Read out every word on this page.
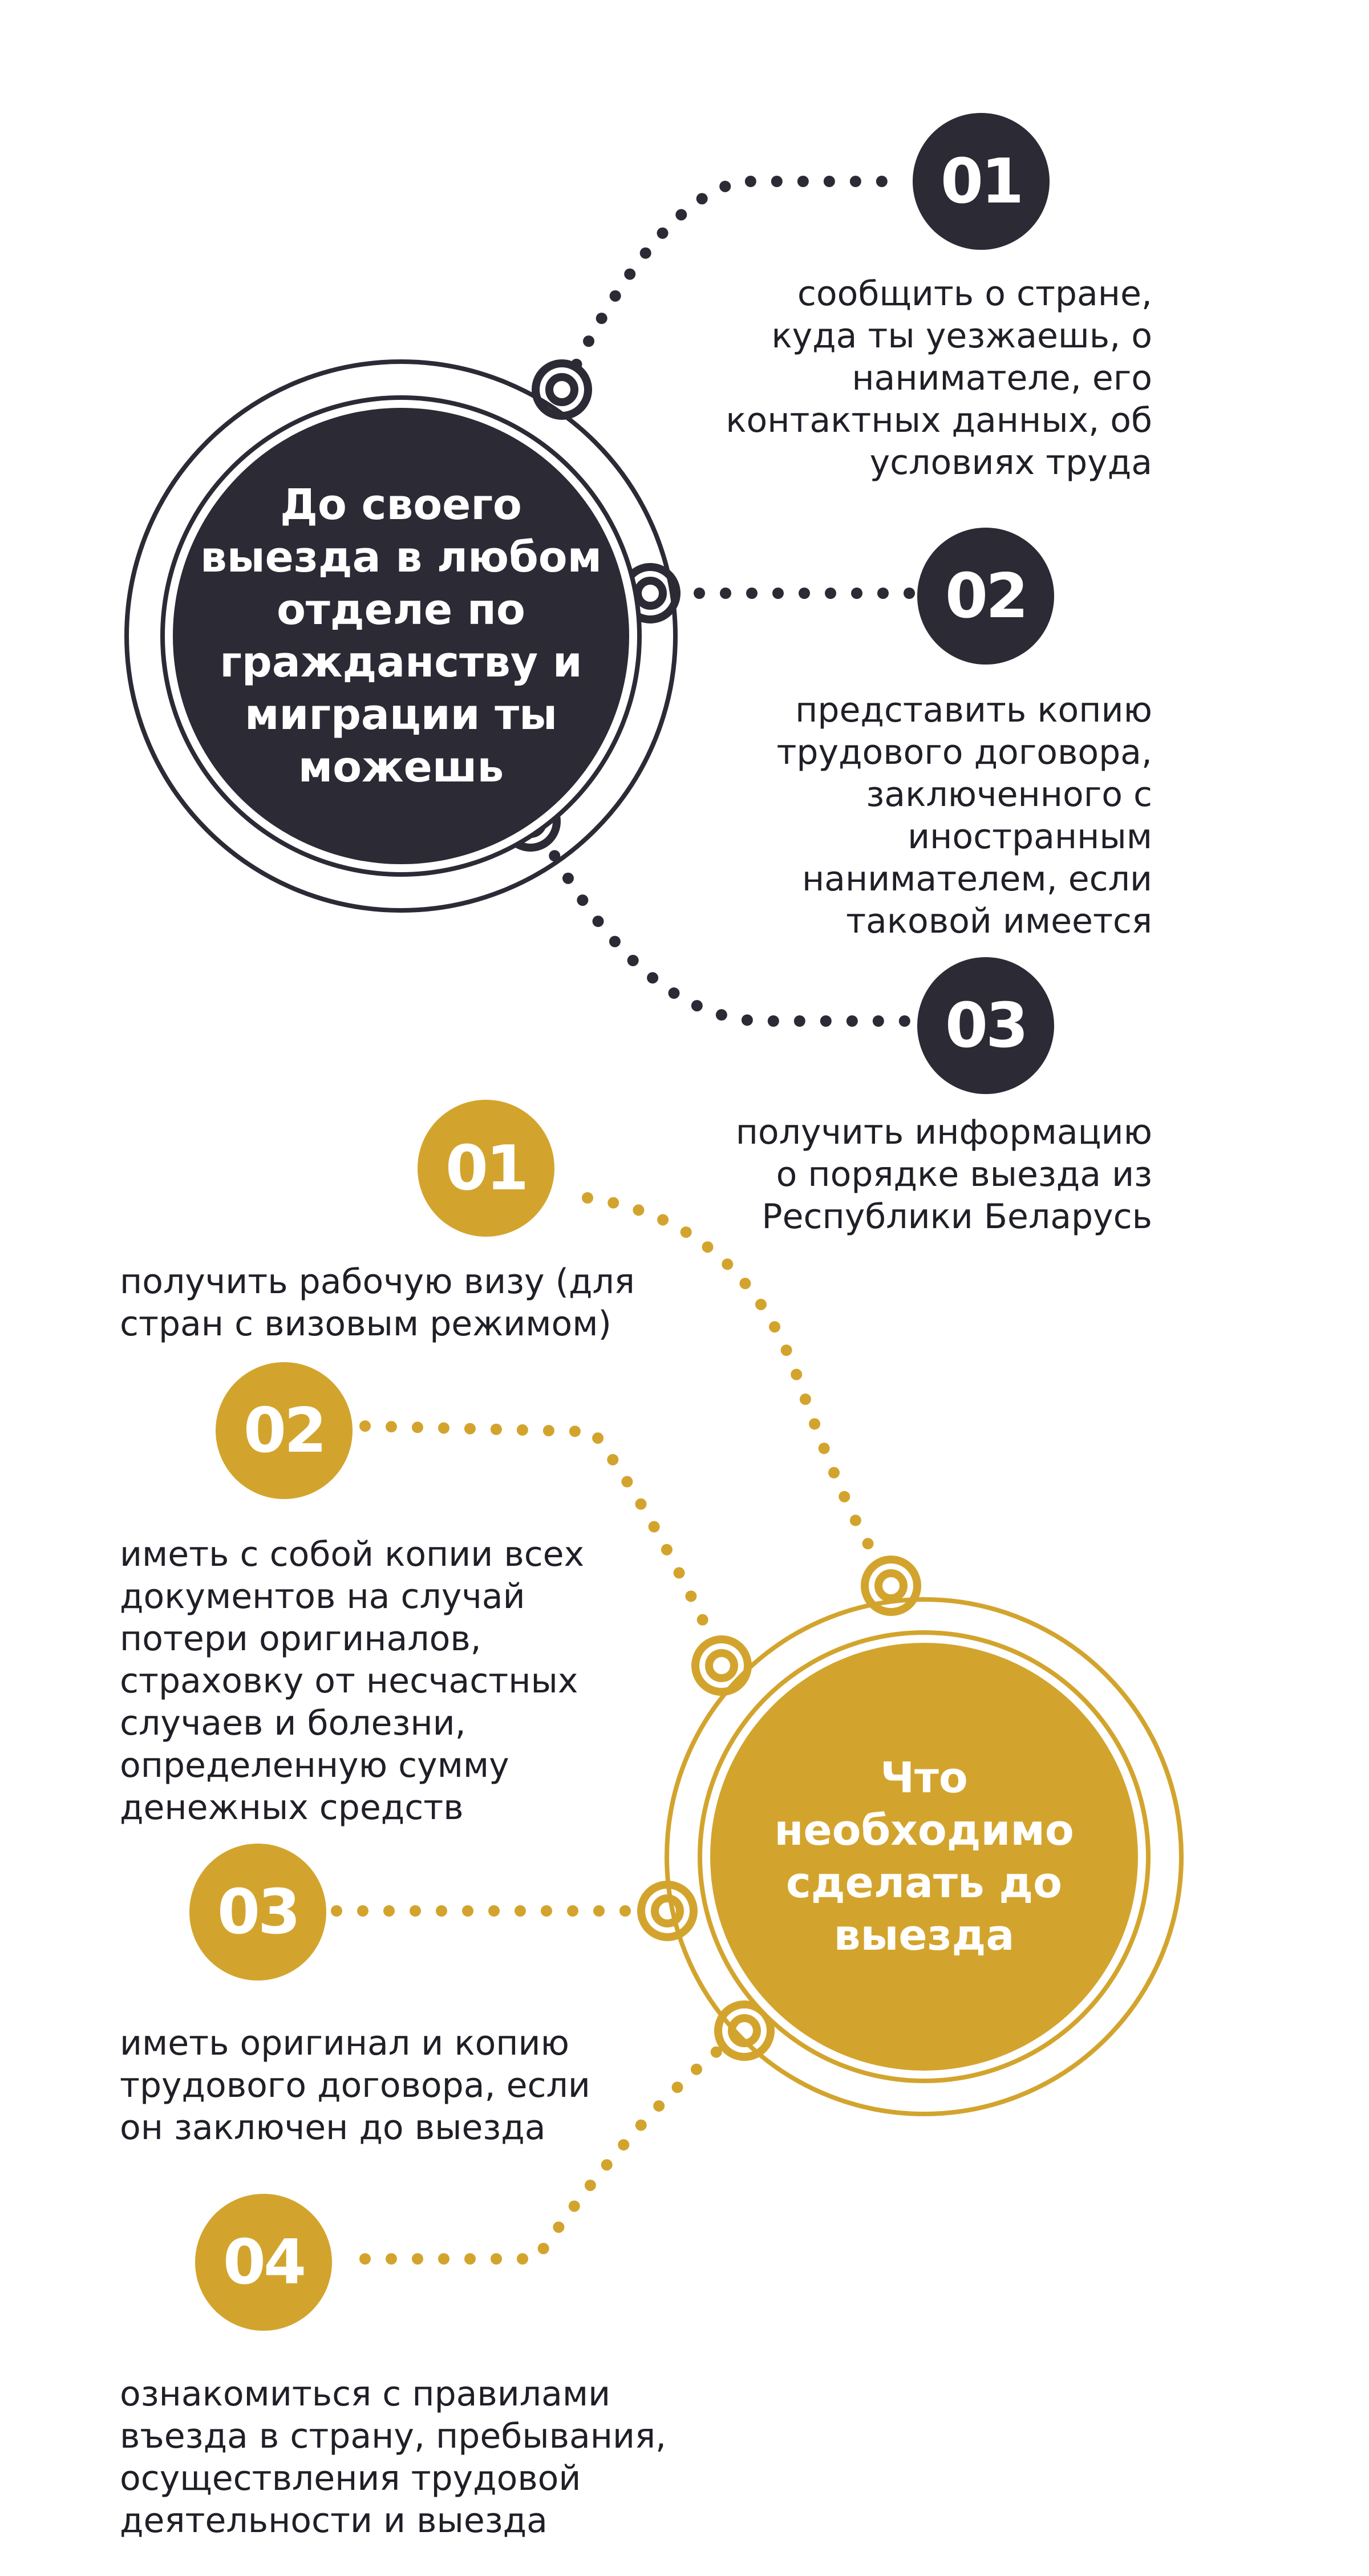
До своего
выезда в любом
отделе по
гражданству и
миграции ты
можешь
01
02
03
сообщить о стране,
куда ты уезжаешь, о
нанимателе, его
контактных данных, об
условиях труда
представить копию
трудового договора,
заключенного с
иностранным
нанимателем, если
таковой имеется
получить информацию
о порядке выезда из
Республики Беларусь
Что
необходимо
сделать до
выезда
01
02
03
04
получить рабочую визу (для
стран с визовым режимом)
иметь с собой копии всех
документов на случай
потери оригиналов,
страховку от несчастных
случаев и болезни,
определенную сумму
денежных средств
иметь оригинал и копию
трудового договора, если
он заключен до выезда
ознакомиться с правилами
въезда в страну, пребывания,
осуществления трудовой
деятельности и выезда
